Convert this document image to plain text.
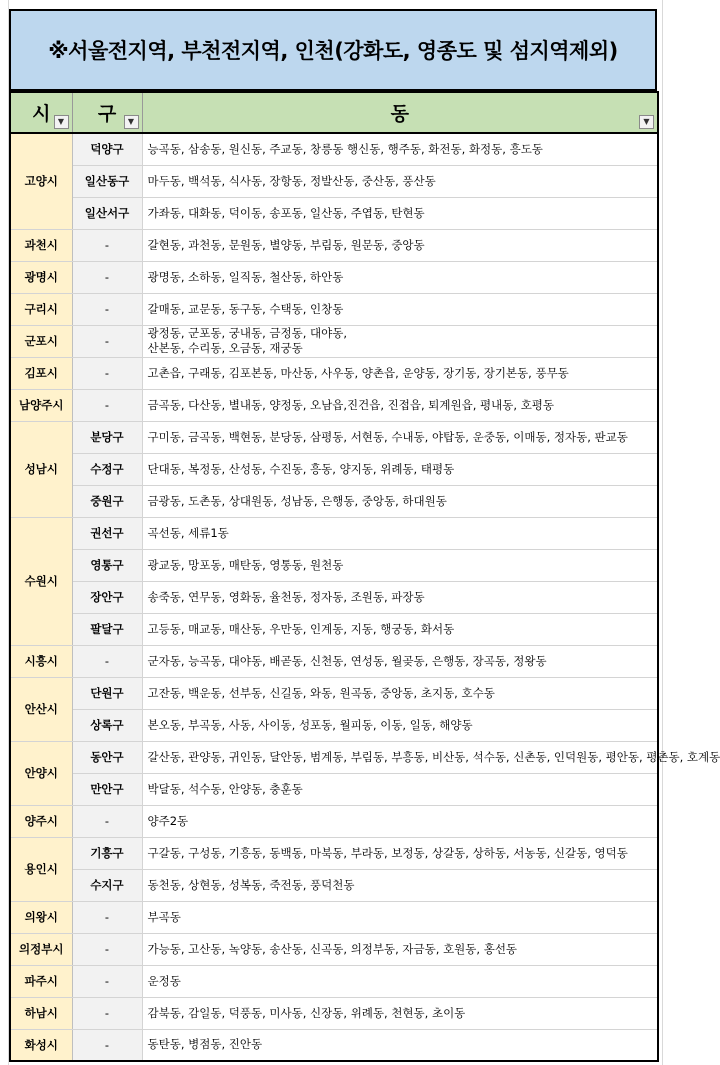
※서울전지역, 부천전지역, 인천(강화도, 영종도 및 섬지역제외)
시 ▼	구 ▼	동 ▼

고양시	덕양구	능곡동, 삼송동, 원신동, 주교동, 창릉동 행신동, 행주동, 화전동, 화정동, 흥도동
	일산동구	마두동, 백석동, 식사동, 장항동, 정발산동, 중산동, 풍산동
	일산서구	가좌동, 대화동, 덕이동, 송포동, 일산동, 주엽동, 탄현동
과천시	-	갈현동, 과천동, 문원동, 별양동, 부림동, 원문동, 중앙동
광명시	-	광명동, 소하동, 일직동, 철산동, 하안동
구리시	-	갈매동, 교문동, 동구동, 수택동, 인창동
군포시	-	광정동, 군포동, 궁내동, 금정동, 대야동,
산본동, 수리동, 오금동, 재궁동
김포시	-	고촌읍, 구래동, 김포본동, 마산동, 사우동, 양촌읍, 운양동, 장기동, 장기본동, 풍무동
남양주시	-	금곡동, 다산동, 별내동, 양정동, 오남읍,진건읍, 진접읍, 퇴계원읍, 평내동, 호평동
성남시	분당구	구미동, 금곡동, 백현동, 분당동, 삼평동, 서현동, 수내동, 야탑동, 운중동, 이매동, 정자동, 판교동
	수정구	단대동, 복정동, 산성동, 수진동, 흥동, 양지동, 위례동, 태평동
	중원구	금광동, 도촌동, 상대원동, 성남동, 은행동, 중앙동, 하대원동
수원시	권선구	곡선동, 세류1동
	영통구	광교동, 망포동, 매탄동, 영통동, 원천동
	장안구	송죽동, 연무동, 영화동, 율천동, 정자동, 조원동, 파장동
	팔달구	고등동, 매교동, 매산동, 우만동, 인계동, 지동, 행궁동, 화서동
시흥시	-	군자동, 능곡동, 대야동, 배곧동, 신천동, 연성동, 월곶동, 은행동, 장곡동, 정왕동
안산시	단원구	고잔동, 백운동, 선부동, 신길동, 와동, 원곡동, 중앙동, 초지동, 호수동
	상록구	본오동, 부곡동, 사동, 사이동, 성포동, 월피동, 이동, 일동, 해양동
안양시	동안구	갈산동, 관양동, 귀인동, 달안동, 범계동, 부림동, 부흥동, 비산동, 석수동, 신촌동, 인덕원동, 평안동, 평촌동, 호계동
	만안구	박달동, 석수동, 안양동, 충훈동
양주시	-	양주2동
용인시	기흥구	구갈동, 구성동, 기흥동, 동백동, 마북동, 부라동, 보정동, 상갈동, 상하동, 서농동, 신갈동, 영덕동
	수지구	동천동, 상현동, 성복동, 죽전동, 풍덕천동
의왕시	-	부곡동
의정부시	-	가능동, 고산동, 녹양동, 송산동, 신곡동, 의정부동, 자금동, 호원동, 홍선동
파주시	-	운정동
하남시	-	감북동, 감일동, 덕풍동, 미사동, 신장동, 위례동, 천현동, 초이동
화성시	-	동탄동, 병점동, 진안동
